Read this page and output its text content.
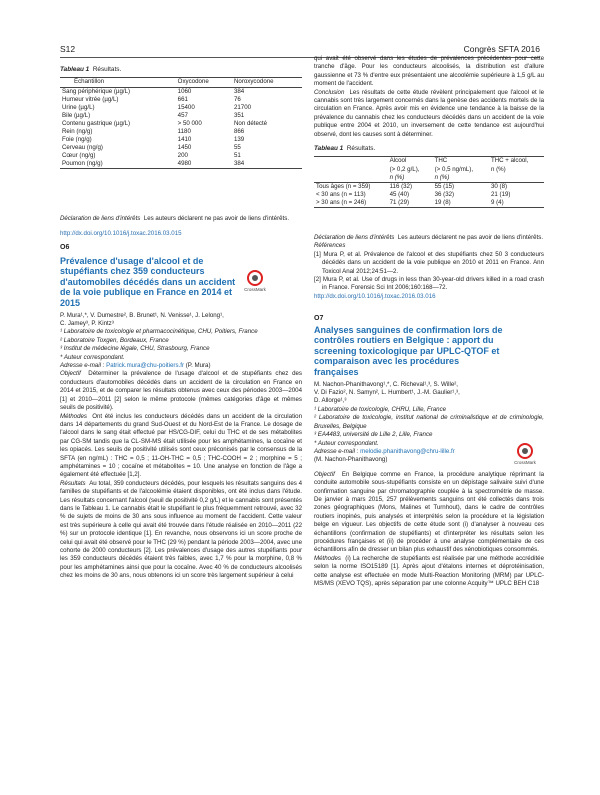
S12	Congrès SFTA 2016
Tableau 1 Résultats.
Échantillon	Oxycodone	Noroxycodone
Sang périphérique (µg/L)	1060	384
Humeur vitrée (µg/L)	661	76
Urine (µg/L)	15400	21700
Bile (µg/L)	457	351
Contenu gastrique (µg/L)	> 50 000	Non détecté
Rein (ng/g)	1180	866
Foie (ng/g)	1410	139
Cerveau (ng/g)	1450	55
Cœur (ng/g)	200	51
Poumon (ng/g)	4980	384

Déclaration de liens d'intérêts Les auteurs déclarent ne pas avoir de liens d'intérêts.

http://dx.doi.org/10.1016/j.toxac.2016.03.015

O6
Prévalence d'usage d'alcool et de stupéfiants chez 359 conducteurs d'automobiles décédés dans un accident de la voie publique en France en 2014 et 2015

P. Mura¹,*, V. Dumestre², B. Brunet¹, N. Venisse¹, J. Lelong¹,
C. Jamey³, P. Kintz³

¹ Laboratoire de toxicologie et pharmacocinétique, CHU, Poitiers, France

² Laboratoire Toxgen, Bordeaux, France

³ Institut de médecine légale, CHU, Strasbourg, France

* Auteur correspondant.

Adresse e-mail : Patrick.mura@chu-poitiers.fr (P. Mura)

Objectif Déterminer la prévalence de l'usage d'alcool et de stupéfiants chez des conducteurs d'automobiles décédés dans un accident de la circulation en France en 2014 et 2015, et de comparer les résultats obtenus avec ceux des périodes 2003—2004 [1] et 2010—2011 [2] selon le même protocole (mêmes catégories d'âge et mêmes seuils de positivité).

Méthodes Ont été inclus les conducteurs décédés dans un accident de la circulation dans 14 départements du grand Sud-Ouest et du Nord-Est de la France. Le dosage de l'alcool dans le sang était effectué par HS/CG-DIF, celui du THC et de ses métabolites par CG-SM tandis que la CL-SM-MS était utilisée pour les amphétamines, la cocaïne et les opiacés. Les seuils de positivité utilisés sont ceux préconisés par le consensus de la SFTA (en ng/mL) : THC = 0,5 ; 11-OH-THC = 0,5 ; THC-COOH = 2 ; morphine = 5 ; amphétamines = 10 ; cocaïne et métabolites = 10. Une analyse en fonction de l'âge a également été effectuée [1,2].

Résultats Au total, 359 conducteurs décédés, pour lesquels les résultats sanguins des 4 familles de stupéfiants et de l'alcoolémie étaient disponibles, ont été inclus dans l'étude. Les résultats concernant l'alcool (seuil de positivité 0,2 g/L) et le cannabis sont présentés dans le Tableau 1. Le cannabis était le stupéfiant le plus fréquemment retrouvé, avec 32 % de sujets de moins de 30 ans sous influence au moment de l'accident. Cette valeur est très supérieure à celle qui avait été trouvée dans l'étude réalisée en 2010—2011 (22 %) sur un protocole identique [1]. En revanche, nous observons ici un score proche de celui qui avait été observé pour le THC (29 %) pendant la période 2003—2004, avec une cohorte de 2000 conducteurs [2]. Les prévalences d'usage des autres stupéfiants pour les 359 conducteurs décédés étaient très faibles, avec 1,7 % pour la morphine, 0,8 % pour les amphétamines ainsi que pour la cocaïne. Avec 40 % de conducteurs alcoolisés chez les moins de 30 ans, nous obtenons ici un score très largement supérieur à celui

CrossMark

qui avait été observé dans les études de prévalences précédentes pour cette tranche d'âge. Pour les conducteurs alcoolisés, la distribution est d'allure gaussienne et 73 % d'entre eux présentaient une alcoolémie supérieure à 1,5 g/L au moment de l'accident.

Conclusion Les résultats de cette étude révèlent principalement que l'alcool et le cannabis sont très largement concernés dans la genèse des accidents mortels de la circulation en France. Après avoir mis en évidence une tendance à la baisse de la prévalence du cannabis chez les conducteurs décédés dans un accident de la voie publique entre 2004 et 2010, un inversement de cette tendance est aujourd'hui observé, dont les causes sont à déterminer.

Tableau 1 Résultats.
	Alcool	THC	THC + alcool,
	(> 0,2 g/L),	(> 0,5 ng/mL),	n (%)
	n (%)	n (%)	
Tous âges (n = 359)	116 (32)	55 (15)	30 (8)
< 30 ans (n = 113)	45 (40)	36 (32)	21 (19)
> 30 ans (n = 246)	71 (29)	19 (8)	9 (4)

Déclaration de liens d'intérêts Les auteurs déclarent ne pas avoir de liens d'intérêts.

Références

[1] Mura P, et al. Prévalence de l'alcool et des stupéfiants chez 50 3 conducteurs décédés dans un accident de la voie publique en 2010 et 2011 en France. Ann Toxicol Anal 2012;24:51—2.

[2] Mura P, et al. Use of drugs in less than 30-year-old drivers killed in a road crash in France. Forensic Sci Int 2006;160:168—72.

http://dx.doi.org/10.1016/j.toxac.2016.03.016

O7
Analyses sanguines de confirmation lors de contrôles routiers en Belgique : apport du screening toxicologique par UPLC-QTOF et comparaison avec les procédures françaises

M. Nachon-Phanithavong¹,*, C. Richeval¹,³, S. Wille²,
V. Di Fazio², N. Samyn², L. Humbert¹, J.-M. Gaulier¹,³,
D. Allorge¹,³

¹ Laboratoire de toxicologie, CHRU, Lille, France

² Laboratoire de toxicologie, institut national de criminalistique et de criminologie, Bruxelles, Belgique

³ EA4483, université de Lille 2, Lille, France

* Auteur correspondant.

Adresse e-mail : melodie.phanithavong@chru-lille.fr
(M. Nachon-Phanithavong)

Objectif En Belgique comme en France, la procédure analytique réprimant la conduite automobile sous-stupéfiants consiste en un dépistage salivaire suivi d'une confirmation sanguine par chromatographie couplée à la spectrométrie de masse. De janvier à mars 2015, 257 prélèvements sanguins ont été collectés dans trois zones géographiques (Mons, Malines et Turnhout), dans le cadre de contrôles routiers inopinés, puis analysés et interprétés selon la procédure et la législation belge en vigueur. Les objectifs de cette étude sont (i) d'analyser à nouveau ces échantillons (confirmation de stupéfiants) et d'interpréter les résultats selon les procédures françaises et (ii) de procéder à une analyse complémentaire de ces échantillons afin de dresser un bilan plus exhaustif des xénobiotiques consommés.

Méthodes (i) La recherche de stupéfiants est réalisée par une méthode accréditée selon la norme ISO15189 [1]. Après ajout d'étalons internes et déprotéinisation, cette analyse est effectuée en mode Multi-Reaction Monitoring (MRM) par UPLC-MS/MS (XEVO TQS), après séparation par une colonne Acquity™ UPLC BEH C18

CrossMark
